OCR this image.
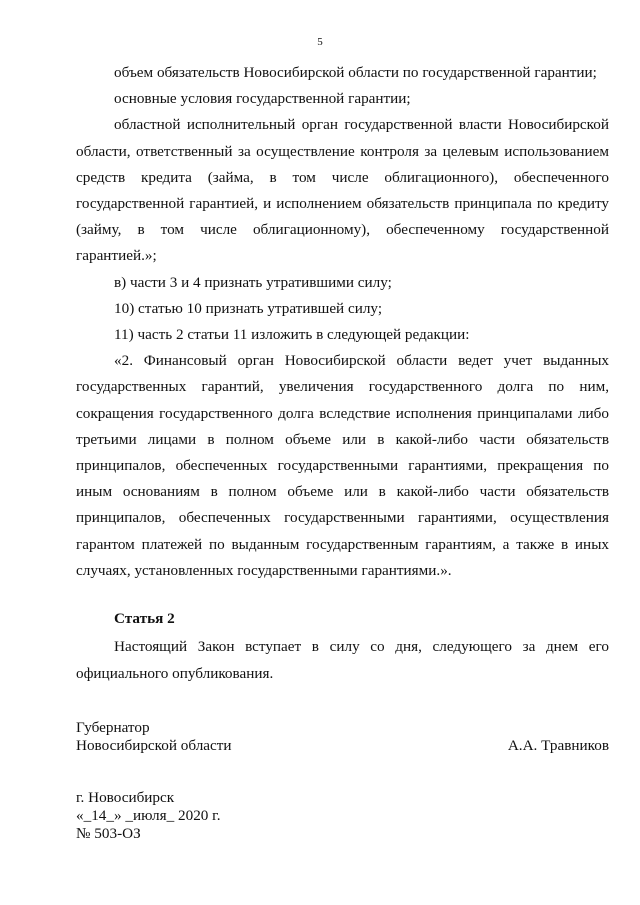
5

объем обязательств Новосибирской области по государственной гарантии;

основные условия государственной гарантии;

областной исполнительный орган государственной власти Новосибирской области, ответственный за осуществление контроля за целевым использованием средств кредита (займа, в том числе облигационного), обеспеченного государственной гарантией, и исполнением обязательств принципала по кредиту (займу, в том числе облигационному), обеспеченному государственной гарантией.»;

в) части 3 и 4 признать утратившими силу;

10) статью 10 признать утратившей силу;

11) часть 2 статьи 11 изложить в следующей редакции:

«2. Финансовый орган Новосибирской области ведет учет выданных государственных гарантий, увеличения государственного долга по ним, сокращения государственного долга вследствие исполнения принципалами либо третьими лицами в полном объеме или в какой-либо части обязательств принципалов, обеспеченных государственными гарантиями, прекращения по иным основаниям в полном объеме или в какой-либо части обязательств принципалов, обеспеченных государственными гарантиями, осуществления гарантом платежей по выданным государственным гарантиям, а также в иных случаях, установленных государственными гарантиями.».

Статья 2

Настоящий Закон вступает в силу со дня, следующего за днем его официального опубликования.

Губернатор
Новосибирской области	А.А. Травников
г. Новосибирск
«_14_» _июля_ 2020 г.
№ 503-ОЗ
